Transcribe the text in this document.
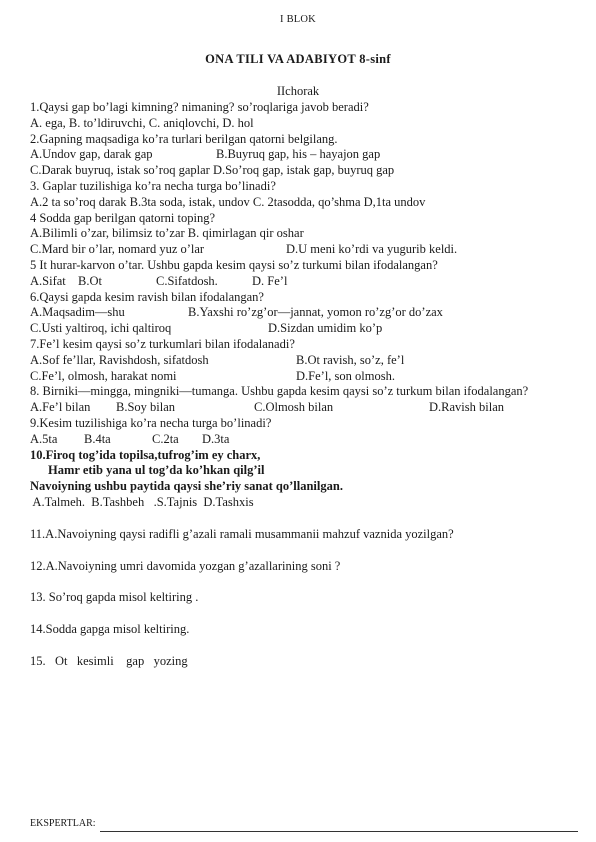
I BLOK
ONA TILI VA ADABIYOT 8-sinf
IIchorak
1.Qaysi gap bo’lagi kimning? nimaning? so’roqlariga javob beradi?
A. ega, B. to’ldiruvchi, C. aniqlovchi, D. hol
2.Gapning maqsadiga ko’ra turlari berilgan qatorni belgilang.
A.Undov gap, darak gap	B.Buyruq gap, his – hayajon gap
C.Darak buyruq, istak so’roq gaplar D.So’roq gap, istak gap, buyruq gap
3. Gaplar tuzilishiga ko’ra necha turga bo’linadi?
A.2 ta so’roq darak B.3ta soda, istak, undov C. 2tasodda, qo’shma D,1ta undov
4 Sodda gap berilgan qatorni toping?
A.Bilimli o’zar, bilimsiz to’zar B. qimirlagan qir oshar
C.Mard bir o’lar, nomard yuz o’lar	D.U meni ko’rdi va yugurib keldi.
5 It hurar-karvon o’tar. Ushbu gapda kesim qaysi so’z turkumi bilan ifodalangan?
A.Sifat B.Ot	C.Sifatdosh.	D. Fe’l
6.Qaysi gapda kesim ravish bilan ifodalangan?
A.Maqsadim—shu	B.Yaxshi ro’zg’or—jannat, yomon ro’zg’or do’zax
C.Usti yaltiroq, ichi qaltiroq	D.Sizdan umidim ko’p
7.Fe’l kesim qaysi so’z turkumlari bilan ifodalanadi?
A.Sof fe’llar, Ravishdosh, sifatdosh	B.Ot ravish, so’z, fe’l
C.Fe’l, olmosh, harakat nomi	D.Fe’l, son olmosh.
8. Birniki—mingga, mingniki—tumanga. Ushbu gapda kesim qaysi so’z turkum bilan ifodalangan?
A.Fe’l bilan B.Soy bilan	C.Olmosh bilan	D.Ravish bilan
9.Kesim tuzilishiga ko’ra necha turga bo’linadi?
A.5ta B.4ta	C.2ta D.3ta
10.Firoq tog’ida topilsa,tufrog’im ey charx,
Hamr etib yana ul tog’da ko’hkan qilg’il
Navoiyning ushbu paytida qaysi she’riy sanat qo’llanilgan.
A.Talmeh.  B.Tashbeh   .S.Tajnis  D.Tashxis
11.A.Navoiyning qaysi radifli g’azali ramali musammanii mahzuf vaznida yozilgan?
12.A.Navoiyning umri davomida yozgan g’azallarining soni ?
13. So’roq gapda misol keltiring .
14.Sodda gapga misol keltiring.
15.   Ot   kesimli    gap   yozing
EKSPERTLAR:
